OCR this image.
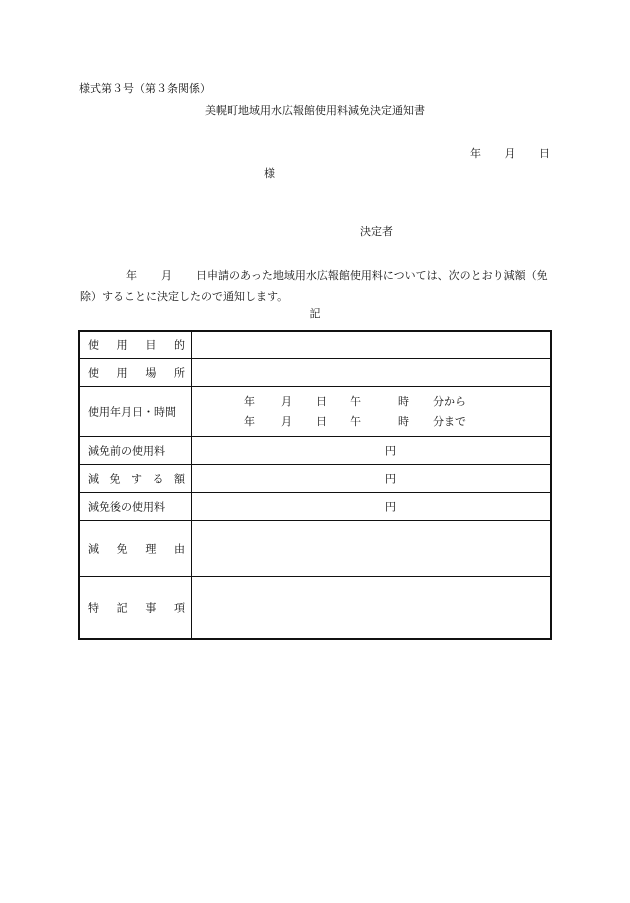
様式第３号（第３条関係）
美幌町地域用水広報館使用料減免決定通知書
年 月 日
様
決定者
年 月 日申請のあった地域用水広報館使用料については、次のとおり減額（免除）することに決定したので通知します。
記
使 用 目 的
使 用 場 所
使用年月日・時間
年 月 日 午	時 分から
年 月 日 午	時 分まで
減免前の使用料	円
減 免 す る 額	円
減免後の使用料	円
減 免 理 由
特 記 事 項
